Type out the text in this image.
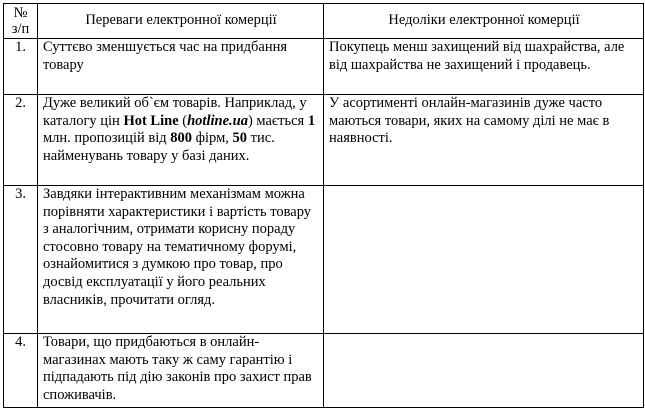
№
з/п	Переваги електронної комерції	Недоліки електронної комерції
1.	Суттєво зменшується час на придбання товару	Покупець менш захищений від шахрайства, але від шахрайства не захищений і продавець.
2.	Дуже великий об`єм товарів. Наприклад, у каталогу цін Hot Line (hotline.ua) мається 1 млн. пропозицій від 800 фірм, 50 тис. найменувань товару у базі даних.	У асортименті онлайн-магазинів дуже часто маються товари, яких на самому ділі не має в наявності.
3.	Завдяки інтерактивним механізмам можна порівняти характеристики і вартість товару з аналогічним, отримати корисну пораду стосовно товару на тематичному форумі, ознайомитися з думкою про товар, про досвід експлуатації у його реальних власників, прочитати огляд.	
4.	Товари, що придбаються в онлайн-магазинах мають таку ж саму гарантію і підпадають під дію законів про захист прав споживачів.	
